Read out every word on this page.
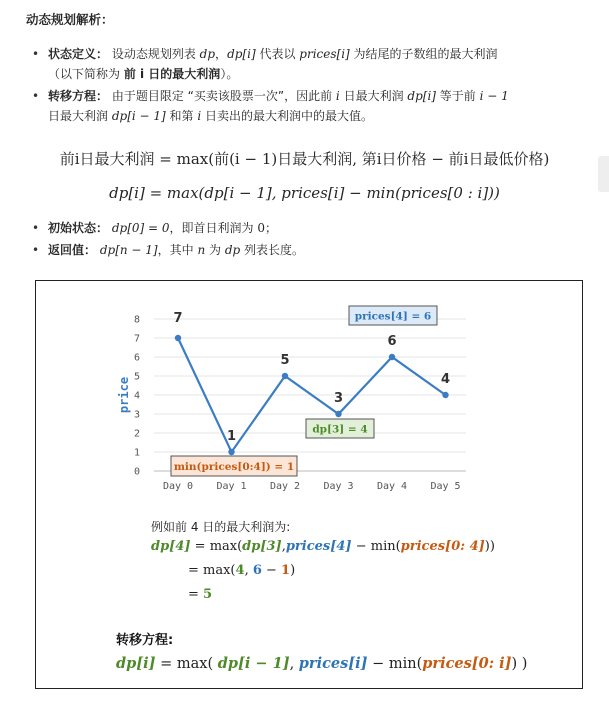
动态规划解析：
• 状态定义： 设动态规划列表 dp，dp[i] 代表以 prices[i] 为结尾的子数组的最大利润
（以下简称为 前 i 日的最大利润）。
• 转移方程： 由于题目限定 “买卖该股票一次”，因此前 i 日最大利润 dp[i] 等于前 i − 1
日最大利润 dp[i − 1] 和第 i 日卖出的最大利润中的最大值。
前i日最大利润 = max(前(i − 1)日最大利润, 第i日价格 − 前i日最低价格)
dp[i] = max(dp[i − 1], prices[i] − min(prices[0 : i]))
• 初始状态： dp[0] = 0，即首日利润为 0；
• 返回值： dp[n − 1]，其中 n 为 dp 列表长度。
0
1
2
3
4
5
6
7
8
price
Day 0 Day 1 Day 2 Day 3 Day 4 Day 5
7
1
5
3
6
4
prices[4] = 6
dp[3] = 4
min(prices[0:4]) = 1
例如前 4 日的最大利润为:
dp[4] = max(dp[3],prices[4] − min(prices[0: 4]))
= max(4, 6 − 1)
= 5
转移方程:
dp[i] = max( dp[i − 1], prices[i] − min(prices[0: i]) )
